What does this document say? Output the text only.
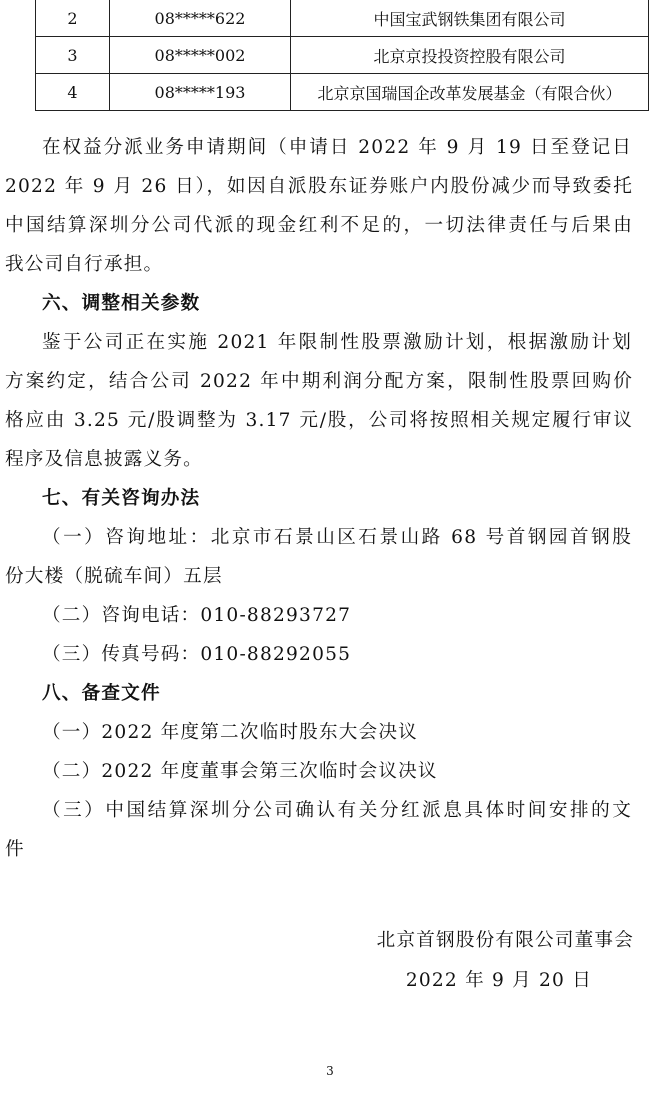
2	08*****622	中国宝武钢铁集团有限公司
3	08*****002	北京京投投资控股有限公司
4	08*****193	北京京国瑞国企改革发展基金（有限合伙）
在权益分派业务申请期间（申请日 2022 年 9 月 19 日至登记日
2022 年 9 月 26 日），如因自派股东证券账户内股份减少而导致委托
中国结算深圳分公司代派的现金红利不足的，一切法律责任与后果由
我公司自行承担。
六、调整相关参数
鉴于公司正在实施 2021 年限制性股票激励计划，根据激励计划
方案约定，结合公司 2022 年中期利润分配方案，限制性股票回购价
格应由 3.25 元/股调整为 3.17 元/股，公司将按照相关规定履行审议
程序及信息披露义务。
七、有关咨询办法
（一）咨询地址：北京市石景山区石景山路 68 号首钢园首钢股
份大楼（脱硫车间）五层
（二）咨询电话：010-88293727
（三）传真号码：010-88292055
八、备查文件
（一）2022 年度第二次临时股东大会决议
（二）2022 年度董事会第三次临时会议决议
（三）中国结算深圳分公司确认有关分红派息具体时间安排的文
件
北京首钢股份有限公司董事会
2022 年 9 月 20 日
3
